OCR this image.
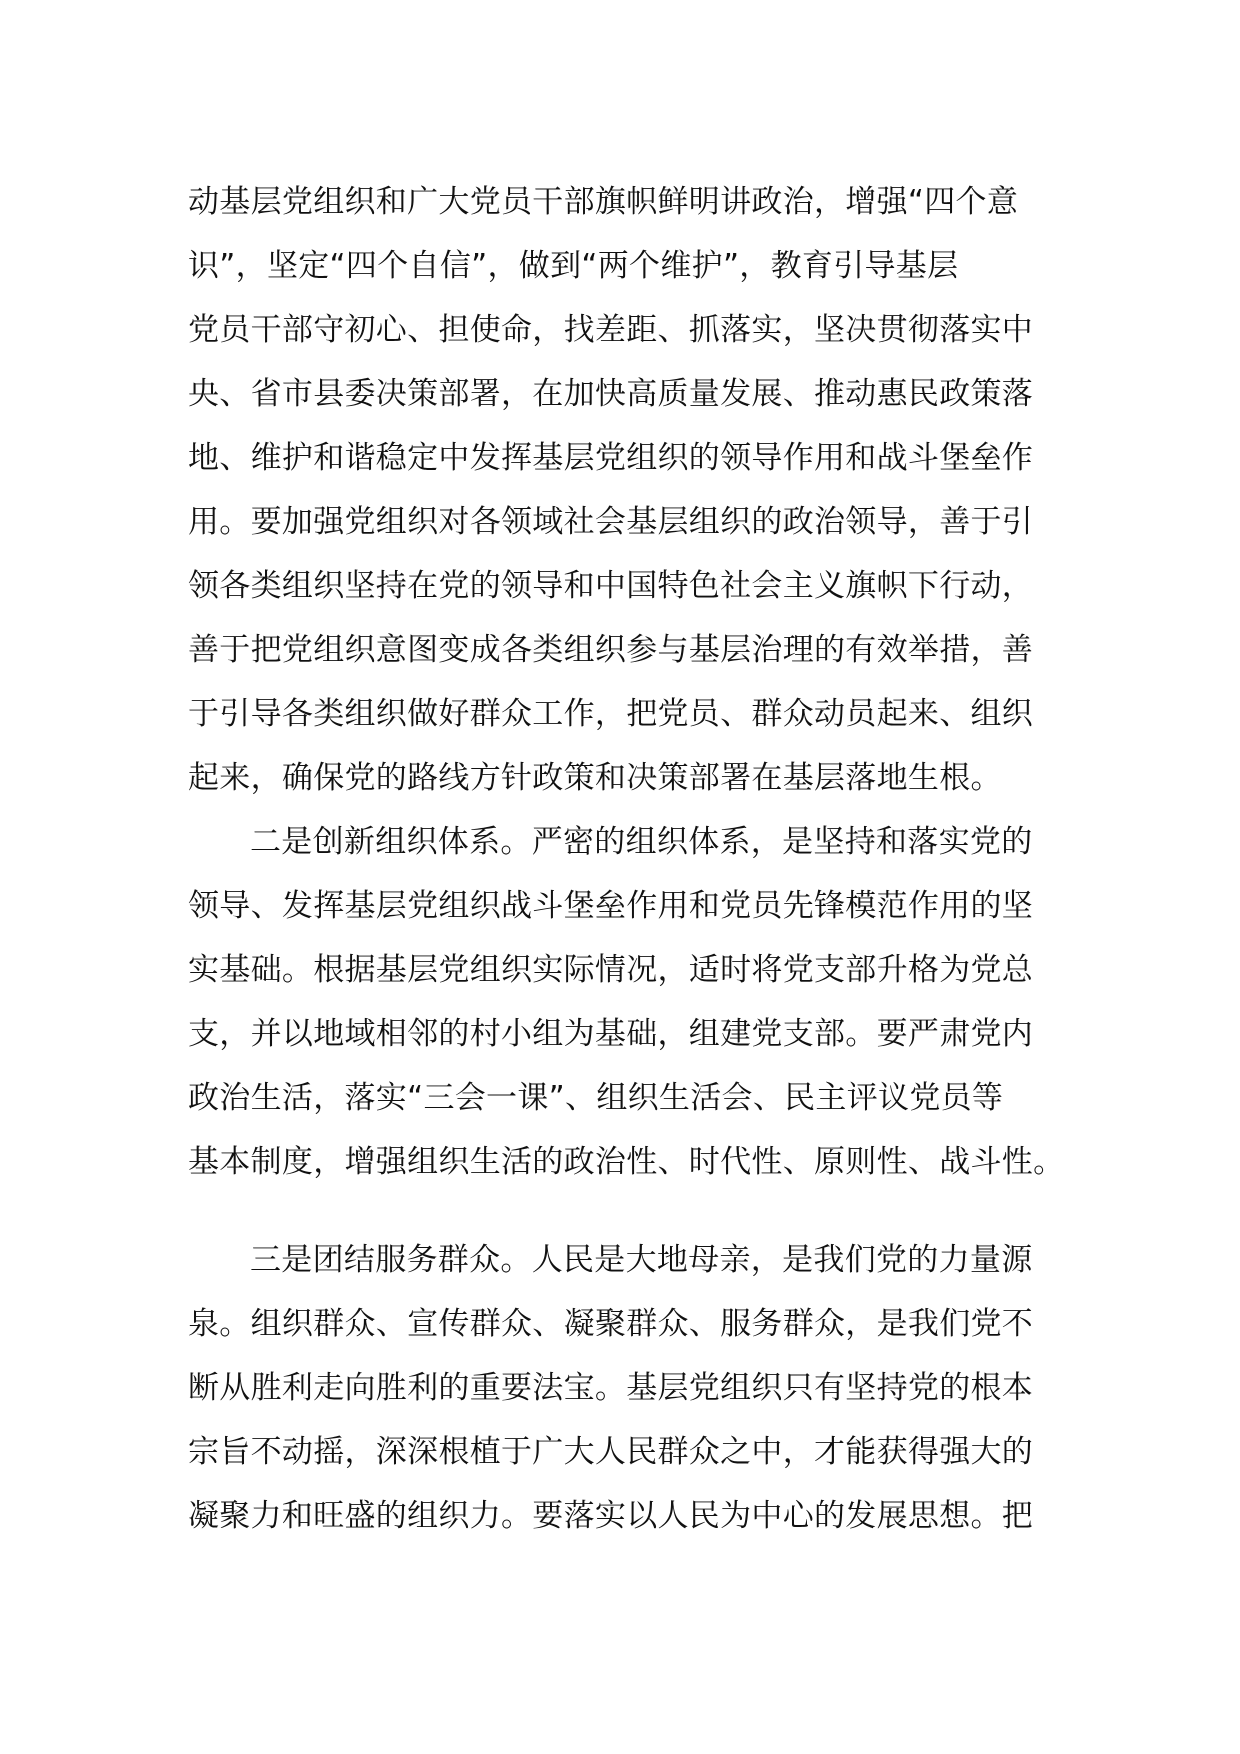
动基层党组织和广大党员干部旗帜鲜明讲政治，增强“四个意
识”，坚定“四个自信”，做到“两个维护”，教育引导基层
党员干部守初心、担使命，找差距、抓落实，坚决贯彻落实中
央、省市县委决策部署，在加快高质量发展、推动惠民政策落
地、维护和谐稳定中发挥基层党组织的领导作用和战斗堡垒作
用。要加强党组织对各领域社会基层组织的政治领导，善于引
领各类组织坚持在党的领导和中国特色社会主义旗帜下行动，
善于把党组织意图变成各类组织参与基层治理的有效举措，善
于引导各类组织做好群众工作，把党员、群众动员起来、组织
起来，确保党的路线方针政策和决策部署在基层落地生根。
二是创新组织体系。严密的组织体系，是坚持和落实党的
领导、发挥基层党组织战斗堡垒作用和党员先锋模范作用的坚
实基础。根据基层党组织实际情况，适时将党支部升格为党总
支，并以地域相邻的村小组为基础，组建党支部。要严肃党内
政治生活，落实“三会一课”、组织生活会、民主评议党员等
基本制度，增强组织生活的政治性、时代性、原则性、战斗性。
三是团结服务群众。人民是大地母亲，是我们党的力量源
泉。组织群众、宣传群众、凝聚群众、服务群众，是我们党不
断从胜利走向胜利的重要法宝。基层党组织只有坚持党的根本
宗旨不动摇，深深根植于广大人民群众之中，才能获得强大的
凝聚力和旺盛的组织力。要落实以人民为中心的发展思想。把
